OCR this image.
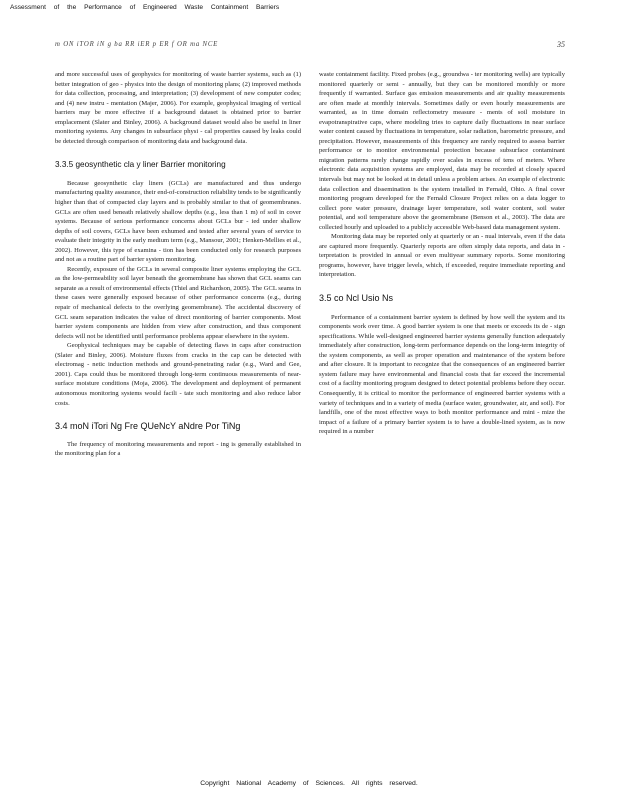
Assessment of the Performance of Engineered Waste Containment Barriers
m ON iTOR iN g ba RR iER p ER f OR ma NCE	35

and more successful uses of geophysics for monitoring of waste barrier systems, such as (1) better integration of geo - physics into the design of monitoring plans; (2) improved methods for data collection, processing, and interpretation; (3) development of new computer codes; and (4) new instru - mentation (Majer, 2006). For example, geophysical imaging of vertical barriers may be more effective if a background dataset is obtained prior to barrier emplacement (Slater and Binley, 2006). A background dataset would also be useful in liner monitoring systems. Any changes in subsurface physi - cal properties caused by leaks could be detected through comparison of monitoring data and background data.

3.3.5 geosynthetic cla y liner Barrier monitoring

Because geosynthetic clay liners (GCLs) are manufactured and thus undergo manufacturing quality assurance, their end-of-construction reliability tends to be significantly higher than that of compacted clay layers and is probably similar to that of geomembranes. GCLs are often used beneath relatively shallow depths (e.g., less than 1 m) of soil in cover systems. Because of serious performance concerns about GCLs bur - ied under shallow depths of soil covers, GCLs have been exhumed and tested after several years of service to evaluate their integrity in the early medium term (e.g., Mansour, 2001; Henken-Mellies et al., 2002). However, this type of examina - tion has been conducted only for research purposes and not as a routine part of barrier system monitoring.

Recently, exposure of the GCLs in several composite liner systems employing the GCL as the low-permeability soil layer beneath the geomembrane has shown that GCL seams can separate as a result of environmental effects (Thiel and Richardson, 2005). The GCL seams in these cases were generally exposed because of other performance concerns (e.g., during repair of mechanical defects to the overlying geomembrane). The accidental discovery of GCL seam separation indicates the value of direct monitoring of barrier components. Most barrier system components are hidden from view after construction, and thus component defects will not be identified until performance problems appear elsewhere in the system.

Geophysical techniques may be capable of detecting flaws in caps after construction (Slater and Binley, 2006). Moisture fluxes from cracks in the cap can be detected with electromag - netic induction methods and ground-penetrating radar (e.g., Ward and Gee, 2001). Caps could thus be monitored through long-term continuous measurements of near-surface moisture conditions (Moja, 2006). The development and deployment of permanent autonomous monitoring systems would facili - tate such monitoring and also reduce labor costs.

3.4 moN iTori Ng Fre QUeNcY aNdre Por TiNg

The frequency of monitoring measurements and report - ing is generally established in the monitoring plan for a

waste containment facility. Fixed probes (e.g., groundwa - ter monitoring wells) are typically monitored quarterly or semi - annually, but they can be monitored monthly or more frequently if warranted. Surface gas emission measurements and air quality measurements are often made at monthly intervals. Sometimes daily or even hourly measurements are warranted, as in time domain reflectometry measure - ments of soil moisture in evapotranspirative caps, where modeling tries to capture daily fluctuations in near surface water content caused by fluctuations in temperature, solar radiation, barometric pressure, and precipitation. However, measurements of this frequency are rarely required to assess barrier performance or to monitor environmental protection because subsurface contaminant migration patterns rarely change rapidly over scales in excess of tens of meters. Where electronic data acquisition systems are employed, data may be recorded at closely spaced intervals but may not be looked at in detail unless a problem arises. An example of electronic data collection and dissemination is the system installed in Fernald, Ohio. A final cover monitoring program developed for the Fernald Closure Project relies on a data logger to collect pore water pressure, drainage layer temperature, soil water content, soil water potential, and soil temperature above the geomembrane (Benson et al., 2003). The data are collected hourly and uploaded to a publicly accessible Web-based data management system.

Monitoring data may be reported only at quarterly or an - nual intervals, even if the data are captured more frequently. Quarterly reports are often simply data reports, and data in - terpretation is provided in annual or even multiyear summary reports. Some monitoring programs, however, have trigger levels, which, if exceeded, require immediate reporting and interpretation.

3.5 co Ncl Usio Ns

Performance of a containment barrier system is defined by how well the system and its components work over time. A good barrier system is one that meets or exceeds its de - sign specifications. While well-designed engineered barrier systems generally function adequately immediately after construction, long-term performance depends on the long-term integrity of the system components, as well as proper operation and maintenance of the system before and after closure. It is important to recognize that the consequences of an engineered barrier system failure may have environmental and financial costs that far exceed the incremental cost of a facility monitoring program designed to detect potential problems before they occur. Consequently, it is critical to monitor the performance of engineered barrier systems with a variety of techniques and in a variety of media (surface water, groundwater, air, and soil). For landfills, one of the most effective ways to both monitor performance and mini - mize the impact of a failure of a primary barrier system is to have a double-lined system, as is now required in a number

Copyright National Academy of Sciences. All rights reserved.
